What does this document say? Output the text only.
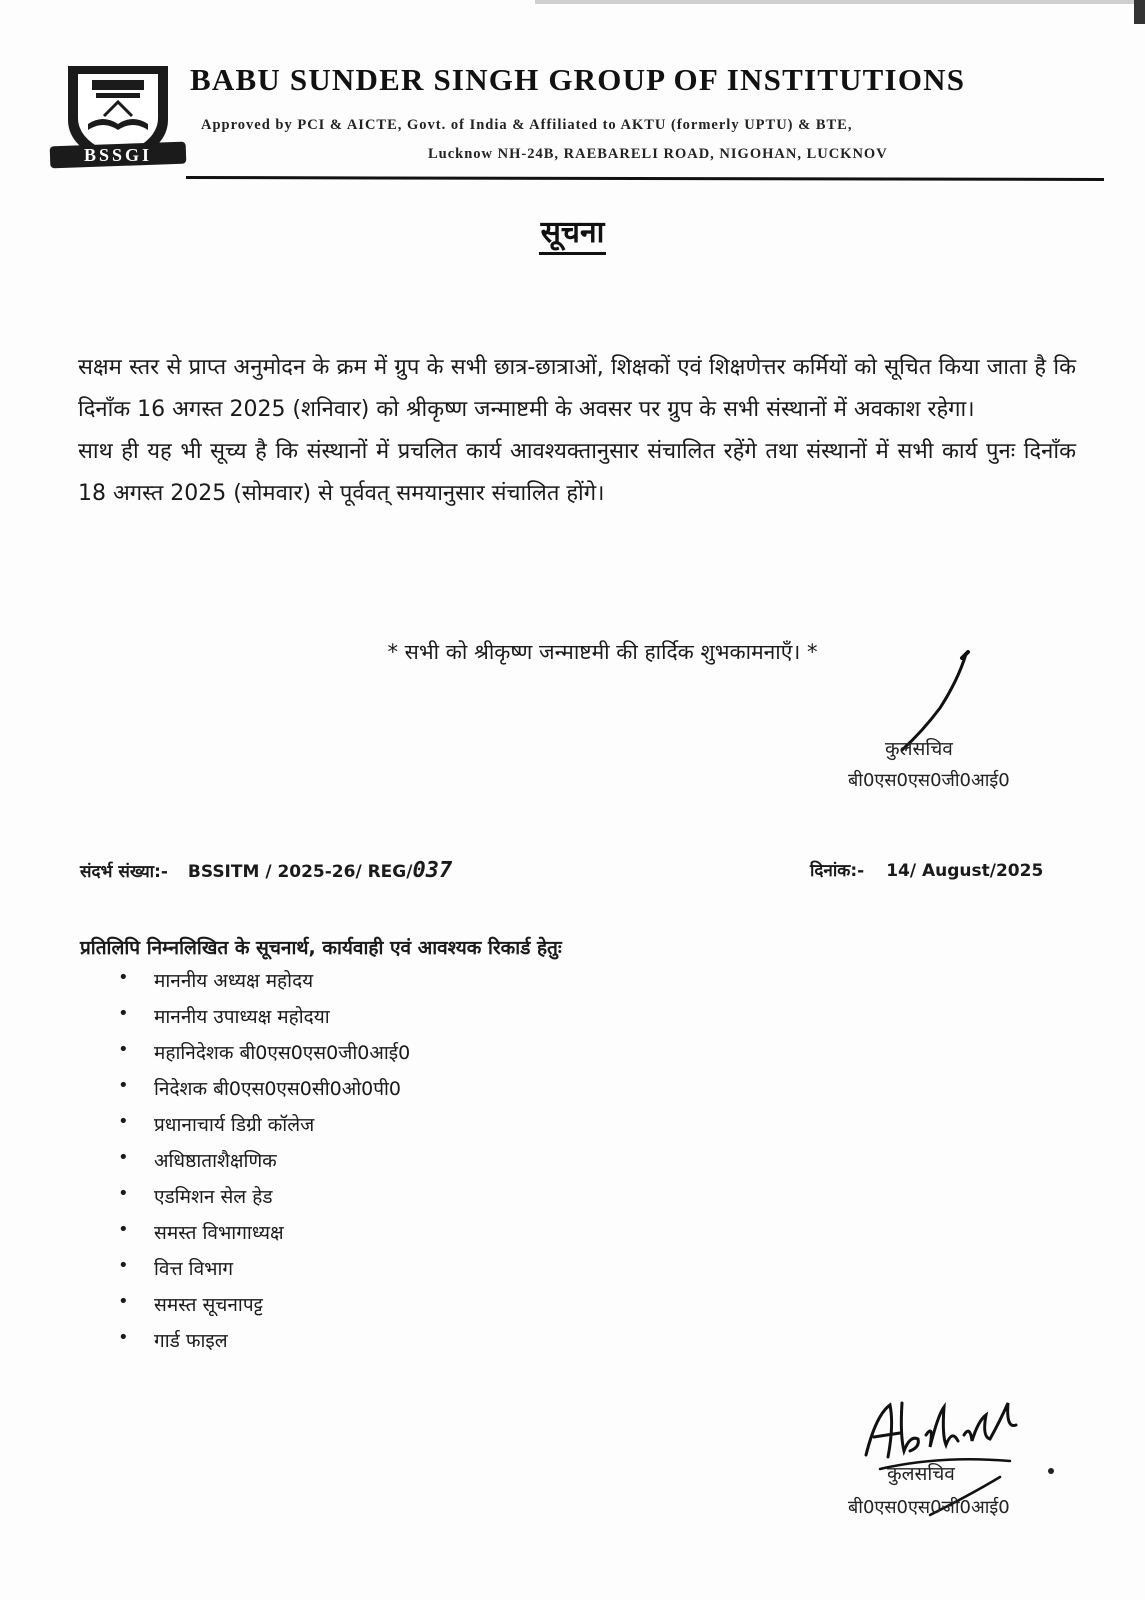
BSSGI
BABU SUNDER SINGH GROUP OF INSTITUTIONS
Approved by PCI & AICTE, Govt. of India & Affiliated to AKTU (formerly UPTU) & BTE,
Lucknow NH-24B, RAEBARELI ROAD, NIGOHAN, LUCKNOV
सूचना

सक्षम स्तर से प्राप्त अनुमोदन के क्रम में ग्रुप के सभी छात्र-छात्राओं, शिक्षकों एवं शिक्षणेत्तर कर्मियों को सूचित किया जाता है कि दिनाँक 16 अगस्त 2025 (शनिवार) को श्रीकृष्ण जन्माष्टमी के अवसर पर ग्रुप के सभी संस्थानों में अवकाश रहेगा।

साथ ही यह भी सूच्य है कि संस्थानों में प्रचलित कार्य आवश्यक्तानुसार संचालित रहेंगे तथा संस्थानों में सभी कार्य पुनः दिनाँक 18 अगस्त 2025 (सोमवार) से पूर्ववत् समयानुसार संचालित होंगे।

* सभी को श्रीकृष्ण जन्माष्टमी की हार्दिक शुभकामनाएँ। *
कुलसचिव
बी0एस0एस0जी0आई0
संदर्भ संख्या:- BSSITM / 2025-26/ REG/037	दिनांक:- 14/ August/2025
प्रतिलिपि निम्नलिखित के सूचनार्थ, कार्यवाही एवं आवश्यक रिकार्ड हेतुः
• माननीय अध्यक्ष महोदय
• माननीय उपाध्यक्ष महोदया
• महानिदेशक बी0एस0एस0जी0आई0
• निदेशक बी0एस0एस0सी0ओ0पी0
• प्रधानाचार्य डिग्री कॉलेज
• अधिष्ठाताशैक्षणिक
• एडमिशन सेल हेड
• समस्त विभागाध्यक्ष
• वित्त विभाग
• समस्त सूचनापट्ट
• गार्ड फाइल
कुलसचिव
बी0एस0एस0जी0आई0
